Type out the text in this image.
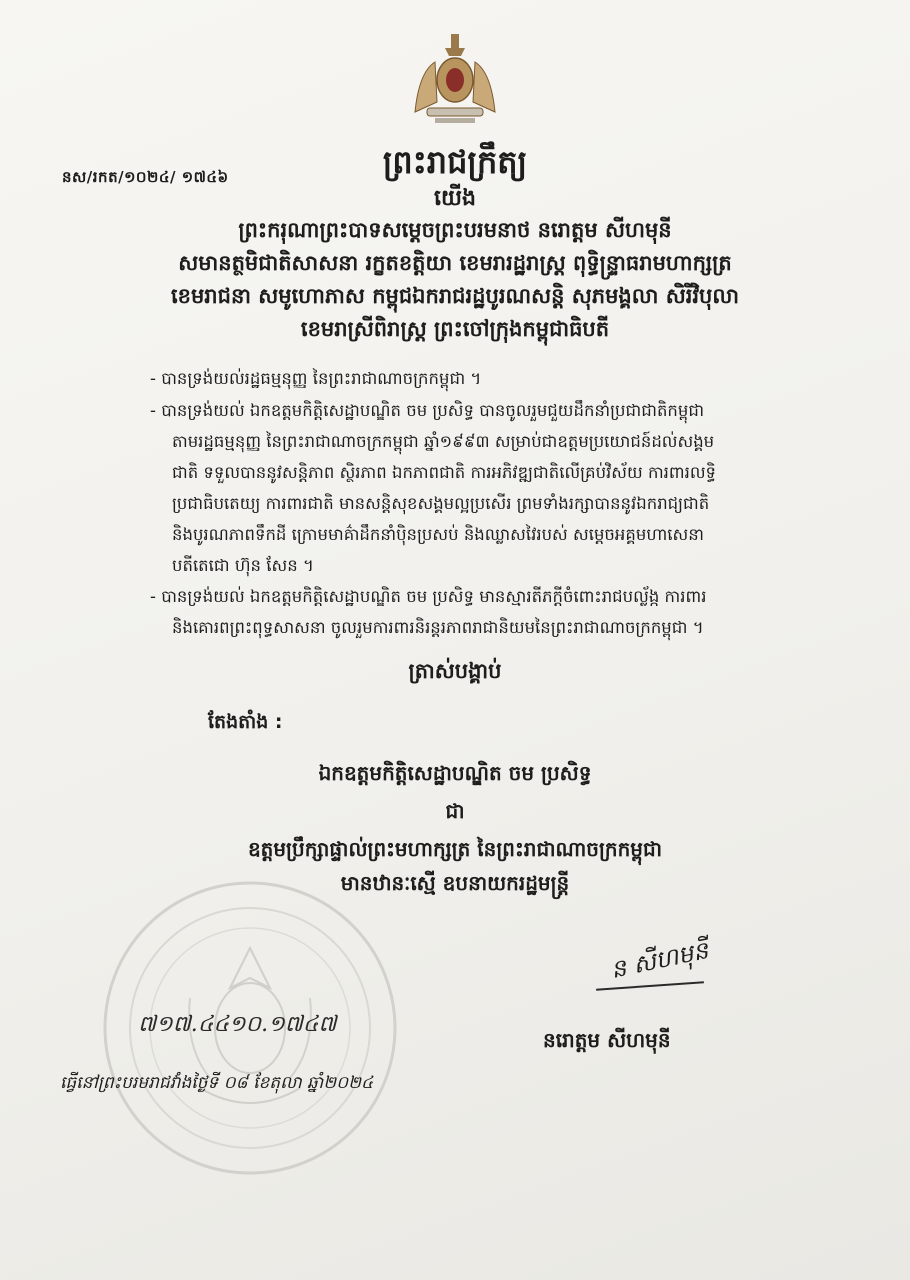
ព្រះរាជក្រឹត្យ
នស/រកត/១០២៤/ ១៧៤៦
យើង
ព្រះករុណាព្រះបាទសម្តេចព្រះបរមនាថ នរោត្តម សីហមុនី
សមានត្ថមិជាតិសាសនា រក្ខតខត្តិយា ខេមរារដ្ឋរាស្ត្រ ពុទ្ធិន្ទ្រាធរាមហាក្សត្រ
ខេមរាជនា សមូហោភាស កម្ពុជឯករាជរដ្ឋបូរណសន្តិ សុភមង្គលា សិរីវិបុលា
ខេមរាស្រីពិរាស្ត្រ ព្រះចៅក្រុងកម្ពុជាធិបតី
- បានទ្រង់យល់រដ្ឋធម្មនុញ្ញ នៃព្រះរាជាណាចក្រកម្ពុជា ។
- បានទ្រង់យល់ ឯកឧត្តមកិត្តិសេដ្ឋាបណ្ឌិត ចម ប្រសិទ្ធ បានចូលរួមជួយដឹកនាំប្រជាជាតិកម្ពុជា
តាមរដ្ឋធម្មនុញ្ញ នៃព្រះរាជាណាចក្រកម្ពុជា ឆ្នាំ១៩៩៣ សម្រាប់ជាឧត្តមប្រយោជន៍ដល់សង្គម
ជាតិ ទទួលបាននូវសន្តិភាព ស្ថិរភាព ឯកភាពជាតិ ការអភិវឌ្ឍជាតិលើគ្រប់វិស័យ ការពារលទ្ធិ
ប្រជាធិបតេយ្យ ការពារជាតិ មានសន្តិសុខសង្គមល្អប្រសើរ ព្រមទាំងរក្សាបាននូវឯករាជ្យជាតិ
និងបូរណភាពទឹកដី ក្រោមមាគ៌ាដឹកនាំប៉ិនប្រសប់ និងឈ្លាសវៃរបស់ សម្តេចអគ្គមហាសេនា
បតីតេជោ ហ៊ុន សែន ។
- បានទ្រង់យល់ ឯកឧត្តមកិត្តិសេដ្ឋាបណ្ឌិត ចម ប្រសិទ្ធ មានស្មារតីភក្តីចំពោះរាជបល្ល័ង្ក ការពារ
និងគោរពព្រះពុទ្ធសាសនា ចូលរួមការពារនិរន្តរភាពរាជានិយមនៃព្រះរាជាណាចក្រកម្ពុជា ។
ត្រាស់បង្គាប់
តែងតាំង :
ឯកឧត្តមកិត្តិសេដ្ឋាបណ្ឌិត ចម ប្រសិទ្ធ
ជា
ឧត្តមប្រឹក្សាផ្ទាល់ព្រះមហាក្សត្រ នៃព្រះរាជាណាចក្រកម្ពុជា
មានឋានៈស្មើ ឧបនាយករដ្ឋមន្ត្រី
៧១៧.៤៤១០.១៧៤៧
ន សីហមុនី
នរោត្តម សីហមុនី
ធ្វើនៅព្រះបរមរាជវាំងថ្ងៃទី ០៨ ខែតុលា ឆ្នាំ២០២៤
